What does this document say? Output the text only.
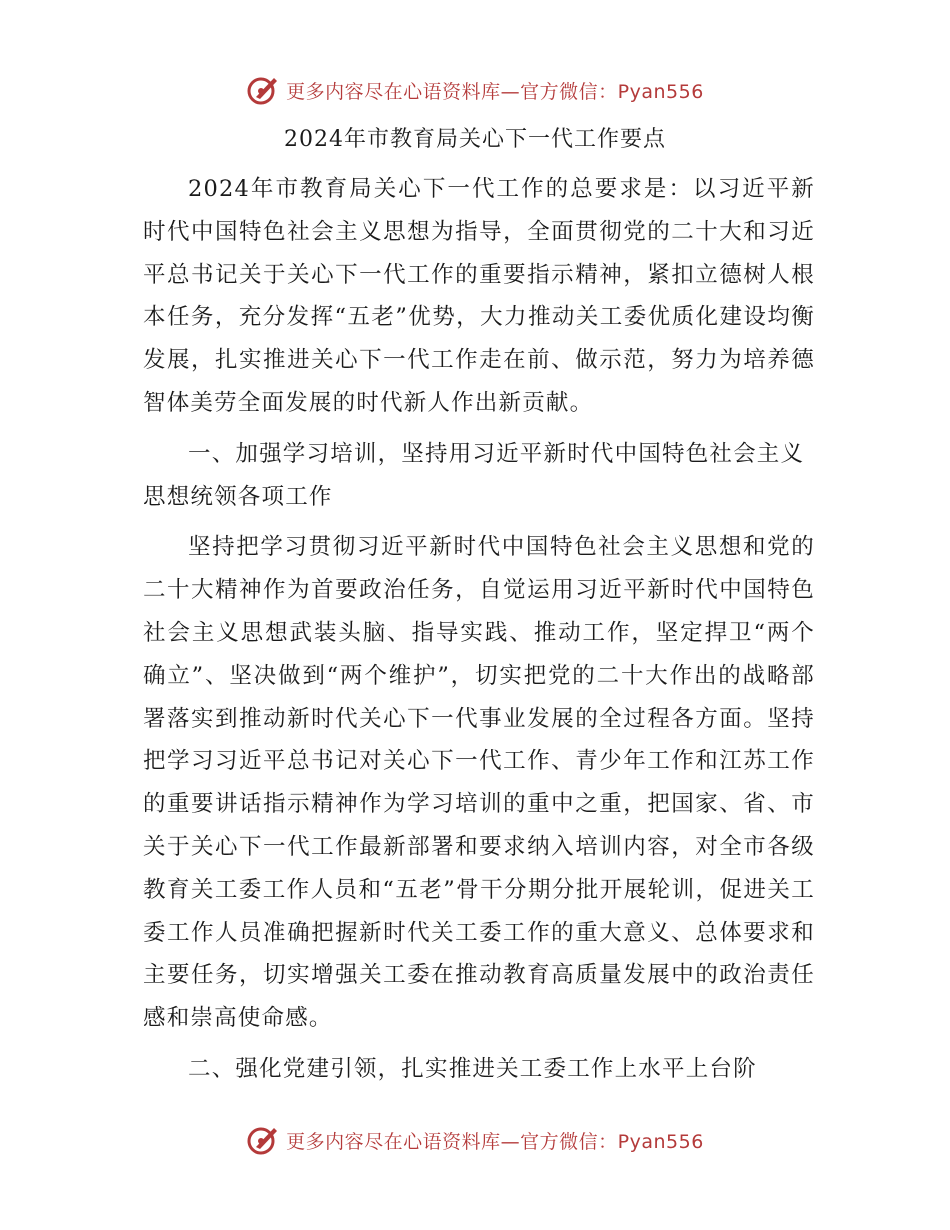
更多内容尽在心语资料库—官方微信：Pyan556
2024年市教育局关心下一代工作要点

2024年市教育局关心下一代工作的总要求是：以习近平新时代中国特色社会主义思想为指导，全面贯彻党的二十大和习近平总书记关于关心下一代工作的重要指示精神，紧扣立德树人根本任务，充分发挥“五老”优势，大力推动关工委优质化建设均衡发展，扎实推进关心下一代工作走在前、做示范，努力为培养德智体美劳全面发展的时代新人作出新贡献。

一、加强学习培训，坚持用习近平新时代中国特色社会主义思想统领各项工作

坚持把学习贯彻习近平新时代中国特色社会主义思想和党的二十大精神作为首要政治任务，自觉运用习近平新时代中国特色社会主义思想武装头脑、指导实践、推动工作，坚定捍卫“两个确立”、坚决做到“两个维护”，切实把党的二十大作出的战略部署落实到推动新时代关心下一代事业发展的全过程各方面。坚持把学习习近平总书记对关心下一代工作、青少年工作和江苏工作的重要讲话指示精神作为学习培训的重中之重，把国家、省、市关于关心下一代工作最新部署和要求纳入培训内容，对全市各级教育关工委工作人员和“五老”骨干分期分批开展轮训，促进关工委工作人员准确把握新时代关工委工作的重大意义、总体要求和主要任务，切实增强关工委在推动教育高质量发展中的政治责任感和崇高使命感。

二、强化党建引领，扎实推进关工委工作上水平上台阶

更多内容尽在心语资料库—官方微信：Pyan556
